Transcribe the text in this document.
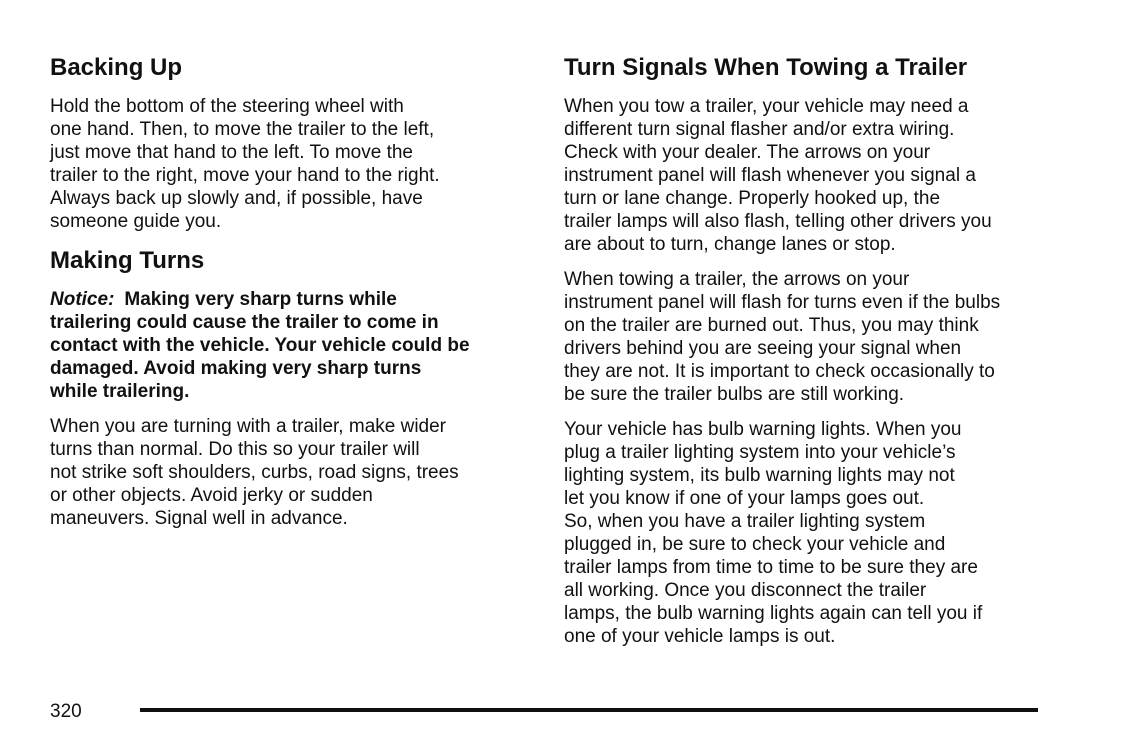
Backing Up

Hold the bottom of the steering wheel with
one hand. Then, to move the trailer to the left,
just move that hand to the left. To move the
trailer to the right, move your hand to the right.
Always back up slowly and, if possible, have
someone guide you.

Making Turns

Notice: Making very sharp turns while
trailering could cause the trailer to come in
contact with the vehicle. Your vehicle could be
damaged. Avoid making very sharp turns
while trailering.

When you are turning with a trailer, make wider
turns than normal. Do this so your trailer will
not strike soft shoulders, curbs, road signs, trees
or other objects. Avoid jerky or sudden
maneuvers. Signal well in advance.

Turn Signals When Towing a Trailer

When you tow a trailer, your vehicle may need a
different turn signal flasher and/or extra wiring.
Check with your dealer. The arrows on your
instrument panel will flash whenever you signal a
turn or lane change. Properly hooked up, the
trailer lamps will also flash, telling other drivers you
are about to turn, change lanes or stop.

When towing a trailer, the arrows on your
instrument panel will flash for turns even if the bulbs
on the trailer are burned out. Thus, you may think
drivers behind you are seeing your signal when
they are not. It is important to check occasionally to
be sure the trailer bulbs are still working.

Your vehicle has bulb warning lights. When you
plug a trailer lighting system into your vehicle’s
lighting system, its bulb warning lights may not
let you know if one of your lamps goes out.
So, when you have a trailer lighting system
plugged in, be sure to check your vehicle and
trailer lamps from time to time to be sure they are
all working. Once you disconnect the trailer
lamps, the bulb warning lights again can tell you if
one of your vehicle lamps is out.

320
